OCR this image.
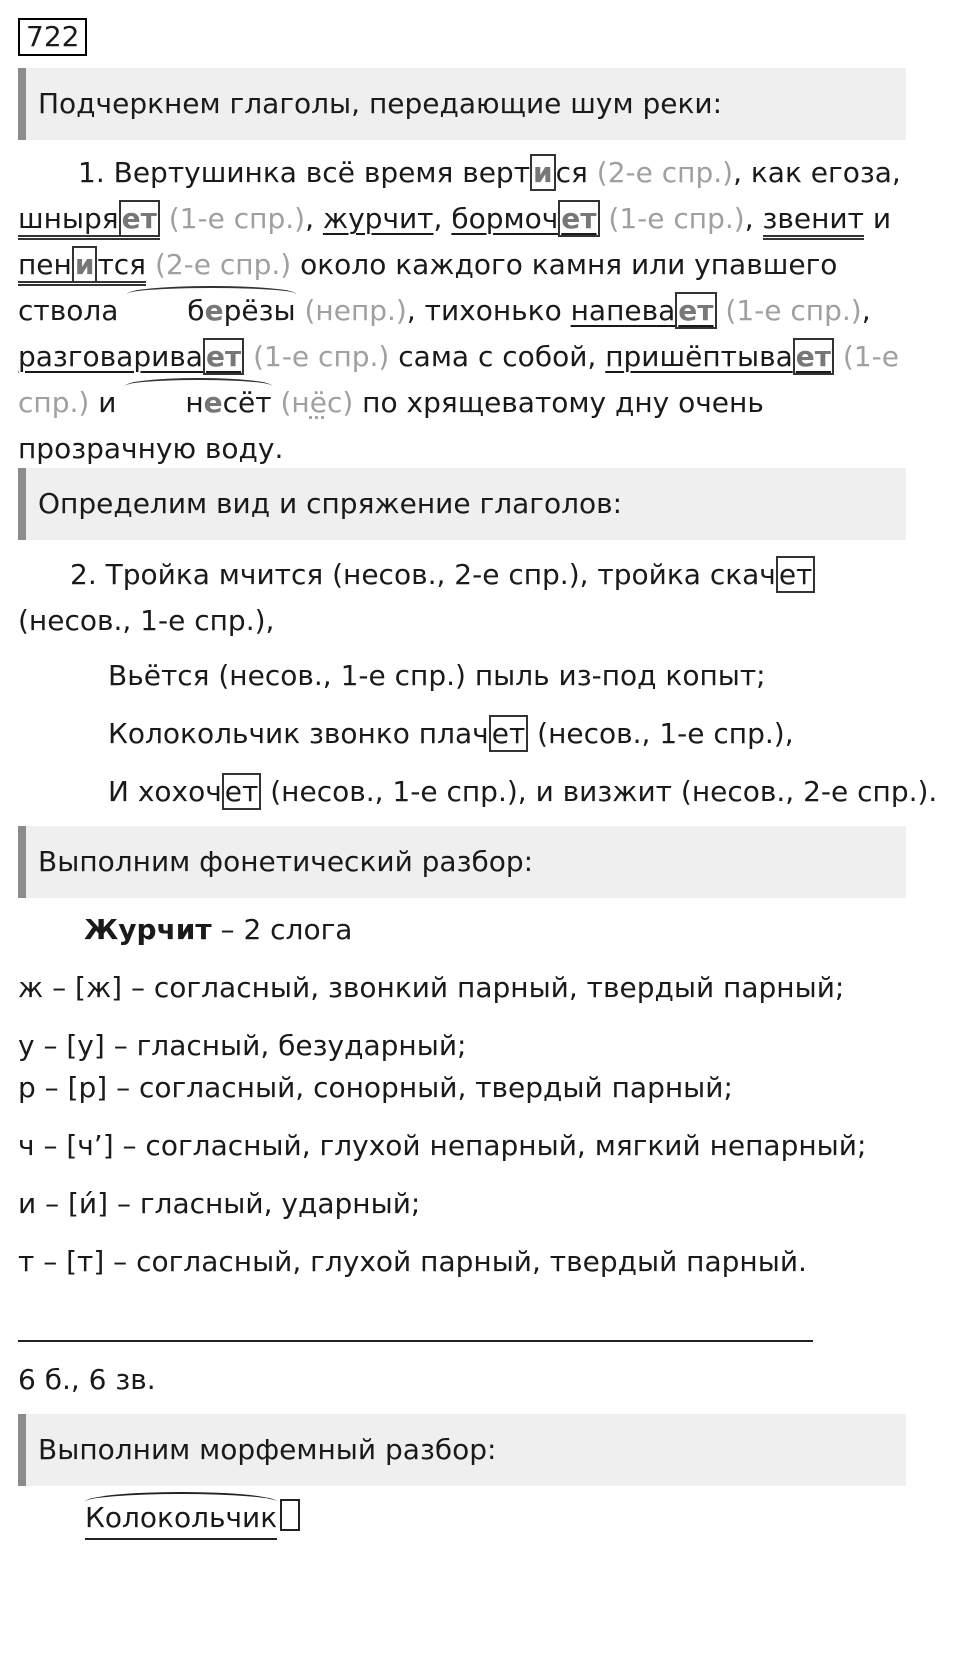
722
Подчеркнем глаголы, передающие шум реки:

1. Вертушинка всё время верт и ся (2-е спр.), как егоза, шныря ет (1-е спр.), журчит, бормоч ет (1-е спр.), звенит и пен и тся (2-е спр.) около каждого камня или упавшего ствола берёзы (непр.), тихонько напева ет (1-е спр.), разговарива ет (1-е спр.) сама с собой, пришёптыва ет (1-е спр.) и несёт (нёс) по хрящеватому дну очень прозрачную воду.

Определим вид и спряжение глаголов:

2. Тройка мчится (несов., 2-е спр.), тройка скач ет (несов., 1-е спр.),

Вьётся (несов., 1-е спр.) пыль из-под копыт;
Колокольчик звонко плач ет (несов., 1-е спр.),
И хохоч ет (несов., 1-е спр.), и визжит (несов., 2-е спр.).
Выполним фонетический разбор:
Журчит – 2 слога
ж – [ж] – согласный, звонкий парный, твердый парный;
у – [у] – гласный, безударный;
р – [р] – согласный, сонорный, твердый парный;
ч – [ч’] – согласный, глухой непарный, мягкий непарный;
и – [и́] – гласный, ударный;
т – [т] – согласный, глухой парный, твердый парный.
6 б., 6 зв.
Выполним морфемный разбор:
Колокольчик
